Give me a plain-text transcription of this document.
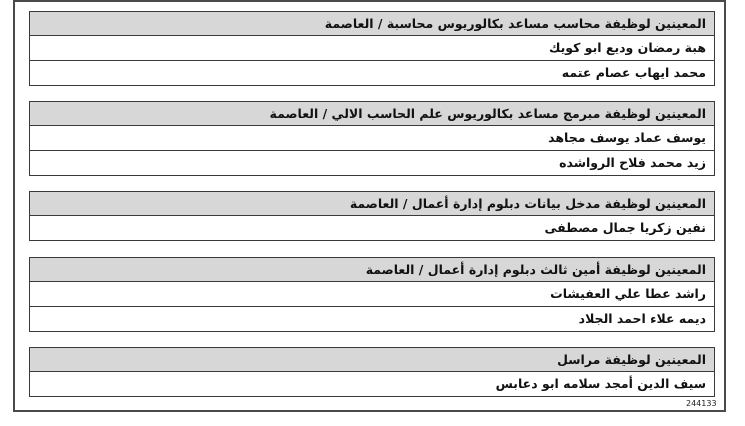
المعينين لوظيفة محاسب مساعد بكالوريوس محاسبة / العاصمة
هبة رمضان وديع ابو كويك
محمد ايهاب عصام عتمه
المعينين لوظيفة مبرمج مساعد بكالوريوس علم الحاسب الالي / العاصمة
يوسف عماد يوسف مجاهد
زيد محمد فلاح الرواشده
المعينين لوظيفة مدخل بيانات دبلوم إدارة أعمال / العاصمة
نفين زكريا جمال مصطفى
المعينين لوظيفة أمين ثالث دبلوم إدارة أعمال / العاصمة
راشد عطا علي العفيشات
ديمه علاء احمد الجلاد
المعينين لوظيفة مراسل
سيف الدين أمجد سلامه ابو دعابس
244133
